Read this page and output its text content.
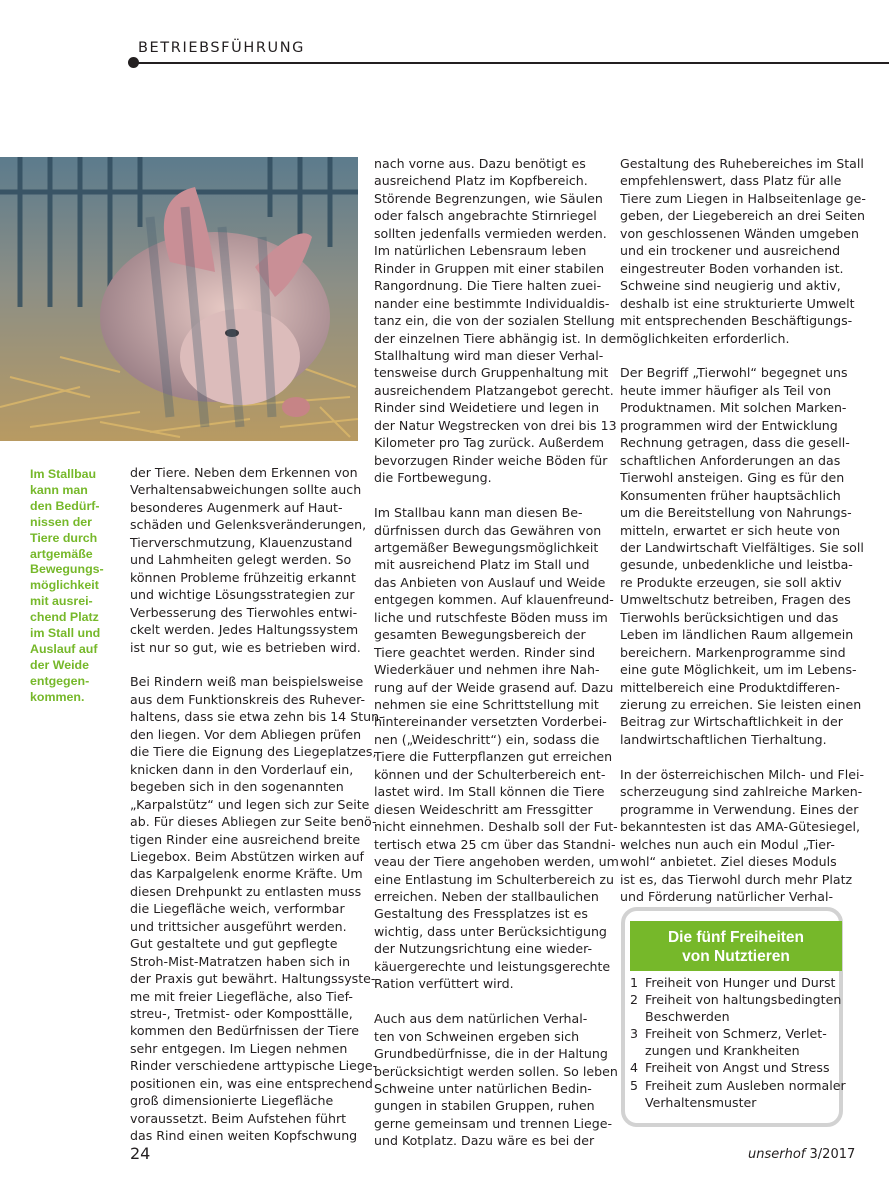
BETRIEBSFÜHRUNG
Im Stallbau
kann man
den Bedürf-
nissen der
Tiere durch
artgemäße
Bewegungs-
möglichkeit
mit ausrei-
chend Platz
im Stall und
Auslauf auf
der Weide
entgegen-
kommen.

der Tiere. Neben dem Erkennen von
Verhaltensabweichungen sollte auch
besonderes Augenmerk auf Haut-
schäden und Gelenksveränderungen,
Tierverschmutzung, Klauenzustand
und Lahmheiten gelegt werden. So
können Probleme frühzeitig erkannt
und wichtige Lösungsstrategien zur
Verbesserung des Tierwohles entwi-
ckelt werden. Jedes Haltungssystem
ist nur so gut, wie es betrieben wird.

Bei Rindern weiß man beispielsweise
aus dem Funktionskreis des Ruhever-
haltens, dass sie etwa zehn bis 14 Stun-
den liegen. Vor dem Abliegen prüfen
die Tiere die Eignung des Liegeplatzes,
knicken dann in den Vorderlauf ein,
begeben sich in den sogenannten
„Karpalstütz“ und legen sich zur Seite
ab. Für dieses Abliegen zur Seite benö-
tigen Rinder eine ausreichend breite
Liegebox. Beim Abstützen wirken auf
das Karpalgelenk enorme Kräfte. Um
diesen Drehpunkt zu entlasten muss
die Liegefläche weich, verformbar
und trittsicher ausgeführt werden.
Gut gestaltete und gut gepflegte
Stroh-Mist-Matratzen haben sich in
der Praxis gut bewährt. Haltungssyste-
me mit freier Liegefläche, also Tief-
streu-, Tretmist- oder Komposttälle,
kommen den Bedürfnissen der Tiere
sehr entgegen. Im Liegen nehmen
Rinder verschiedene arttypische Liege-
positionen ein, was eine entsprechend
groß dimensionierte Liegefläche
voraussetzt. Beim Aufstehen führt
das Rind einen weiten Kopfschwung

nach vorne aus. Dazu benötigt es
ausreichend Platz im Kopfbereich.
Störende Begrenzungen, wie Säulen
oder falsch angebrachte Stirnriegel
sollten jedenfalls vermieden werden.
Im natürlichen Lebensraum leben
Rinder in Gruppen mit einer stabilen
Rangordnung. Die Tiere halten zuei-
nander eine bestimmte Individualdis-
tanz ein, die von der sozialen Stellung
der einzelnen Tiere abhängig ist. In der
Stallhaltung wird man dieser Verhal-
tensweise durch Gruppenhaltung mit
ausreichendem Platzangebot gerecht.
Rinder sind Weidetiere und legen in
der Natur Wegstrecken von drei bis 13
Kilometer pro Tag zurück. Außerdem
bevorzugen Rinder weiche Böden für
die Fortbewegung.

Im Stallbau kann man diesen Be-
dürfnissen durch das Gewähren von
artgemäßer Bewegungsmöglichkeit
mit ausreichend Platz im Stall und
das Anbieten von Auslauf und Weide
entgegen kommen. Auf klauenfreund-
liche und rutschfeste Böden muss im
gesamten Bewegungsbereich der
Tiere geachtet werden. Rinder sind
Wiederkäuer und nehmen ihre Nah-
rung auf der Weide grasend auf. Dazu
nehmen sie eine Schrittstellung mit
hintereinander versetzten Vorderbei-
nen („Weideschritt“) ein, sodass die
Tiere die Futterpflanzen gut erreichen
können und der Schulterbereich ent-
lastet wird. Im Stall können die Tiere
diesen Weideschritt am Fressgitter
nicht einnehmen. Deshalb soll der Fut-
tertisch etwa 25 cm über das Standni-
veau der Tiere angehoben werden, um
eine Entlastung im Schulterbereich zu
erreichen. Neben der stallbaulichen
Gestaltung des Fressplatzes ist es
wichtig, dass unter Berücksichtigung
der Nutzungsrichtung eine wieder-
käuergerechte und leistungsgerechte
Ration verfüttert wird.

Auch aus dem natürlichen Verhal-
ten von Schweinen ergeben sich
Grundbedürfnisse, die in der Haltung
berücksichtigt werden sollen. So leben
Schweine unter natürlichen Bedin-
gungen in stabilen Gruppen, ruhen
gerne gemeinsam und trennen Liege-
und Kotplatz. Dazu wäre es bei der

Gestaltung des Ruhebereiches im Stall
empfehlenswert, dass Platz für alle
Tiere zum Liegen in Halbseitenlage ge-
geben, der Liegebereich an drei Seiten
von geschlossenen Wänden umgeben
und ein trockener und ausreichend
eingestreuter Boden vorhanden ist.
Schweine sind neugierig und aktiv,
deshalb ist eine strukturierte Umwelt
mit entsprechenden Beschäftigungs-
möglichkeiten erforderlich.

Der Begriff „Tierwohl“ begegnet uns
heute immer häufiger als Teil von
Produktnamen. Mit solchen Marken-
programmen wird der Entwicklung
Rechnung getragen, dass die gesell-
schaftlichen Anforderungen an das
Tierwohl ansteigen. Ging es für den
Konsumenten früher hauptsächlich
um die Bereitstellung von Nahrungs-
mitteln, erwartet er sich heute von
der Landwirtschaft Vielfältiges. Sie soll
gesunde, unbedenkliche und leistba-
re Produkte erzeugen, sie soll aktiv
Umweltschutz betreiben, Fragen des
Tierwohls berücksichtigen und das
Leben im ländlichen Raum allgemein
bereichern. Markenprogramme sind
eine gute Möglichkeit, um im Lebens-
mittelbereich eine Produktdifferen-
zierung zu erreichen. Sie leisten einen
Beitrag zur Wirtschaftlichkeit in der
landwirtschaftlichen Tierhaltung.

In der österreichischen Milch- und Flei-
scherzeugung sind zahlreiche Marken-
programme in Verwendung. Eines der
bekanntesten ist das AMA-Gütesiegel,
welches nun auch ein Modul „Tier-
wohl“ anbietet. Ziel dieses Moduls
ist es, das Tierwohl durch mehr Platz
und Förderung natürlicher Verhal-

Die fünf Freiheiten
von Nutztieren
1 Freiheit von Hunger und Durst
2 Freiheit von haltungsbedingten
Beschwerden
3 Freiheit von Schmerz, Verlet-
zungen und Krankheiten
4 Freiheit von Angst und Stress
5 Freiheit zum Ausleben normaler
Verhaltensmuster
24	unserhof 3/2017
